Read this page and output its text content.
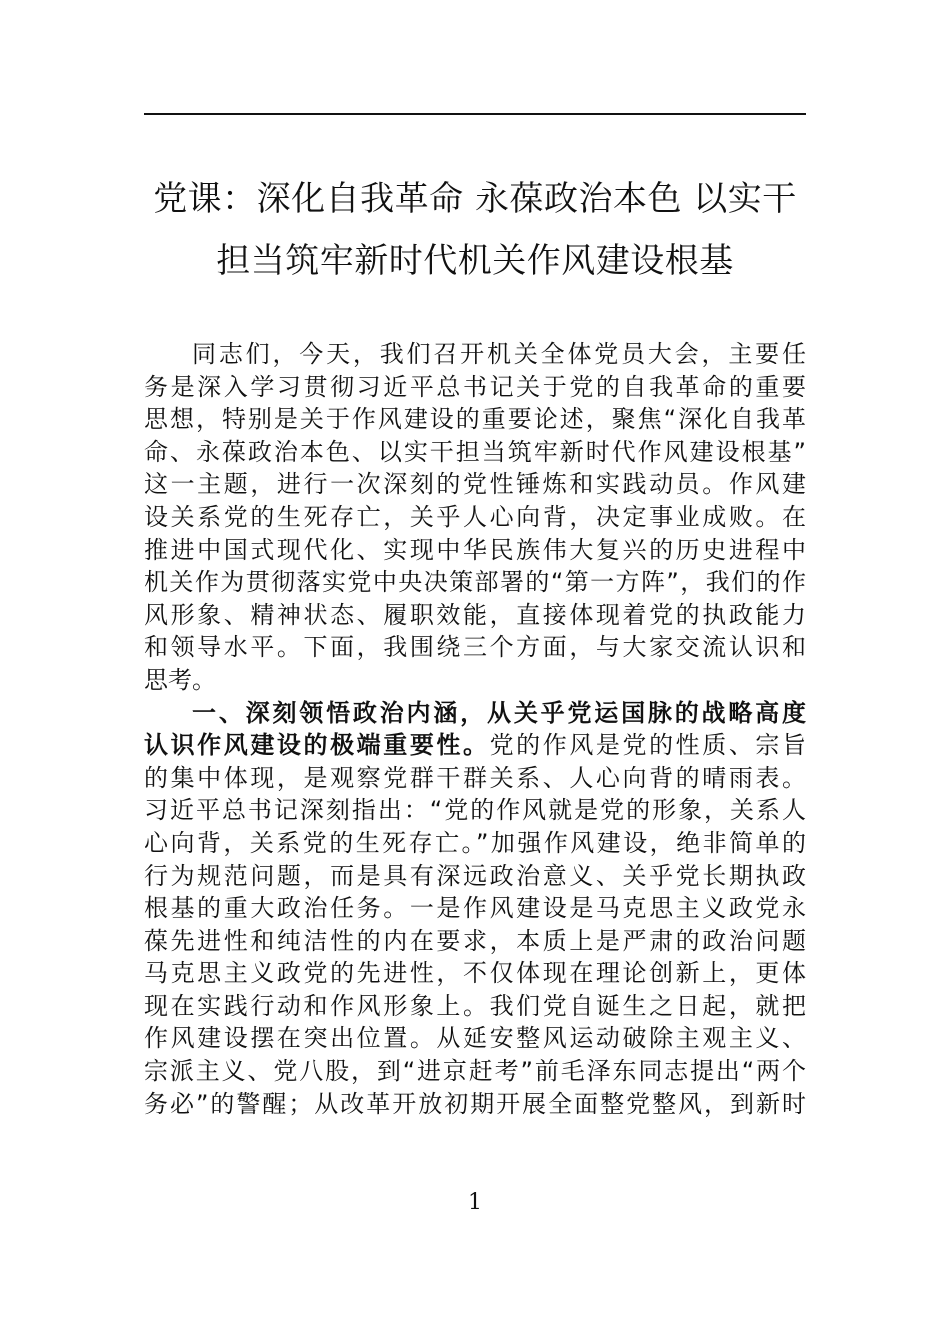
党课：深化自我革命 永葆政治本色 以实干
担当筑牢新时代机关作风建设根基
同志们，今天，我们召开机关全体党员大会，主要任
务是深入学习贯彻习近平总书记关于党的自我革命的重要
思想，特别是关于作风建设的重要论述，聚焦“深化自我革
命、永葆政治本色、以实干担当筑牢新时代作风建设根基”
这一主题，进行一次深刻的党性锤炼和实践动员。作风建
设关系党的生死存亡，关乎人心向背，决定事业成败。在
推进中国式现代化、实现中华民族伟大复兴的历史进程中
机关作为贯彻落实党中央决策部署的“第一方阵”，我们的作
风形象、精神状态、履职效能，直接体现着党的执政能力
和领导水平。下面，我围绕三个方面，与大家交流认识和
思考。
一、深刻领悟政治内涵，从关乎党运国脉的战略高度
认识作风建设的极端重要性。党的作风是党的性质、宗旨
的集中体现，是观察党群干群关系、人心向背的晴雨表。
习近平总书记深刻指出：“党的作风就是党的形象，关系人
心向背，关系党的生死存亡。”加强作风建设，绝非简单的
行为规范问题，而是具有深远政治意义、关乎党长期执政
根基的重大政治任务。一是作风建设是马克思主义政党永
葆先进性和纯洁性的内在要求，本质上是严肃的政治问题
马克思主义政党的先进性，不仅体现在理论创新上，更体
现在实践行动和作风形象上。我们党自诞生之日起，就把
作风建设摆在突出位置。从延安整风运动破除主观主义、
宗派主义、党八股，到“进京赶考”前毛泽东同志提出“两个
务必”的警醒；从改革开放初期开展全面整党整风，到新时
1
